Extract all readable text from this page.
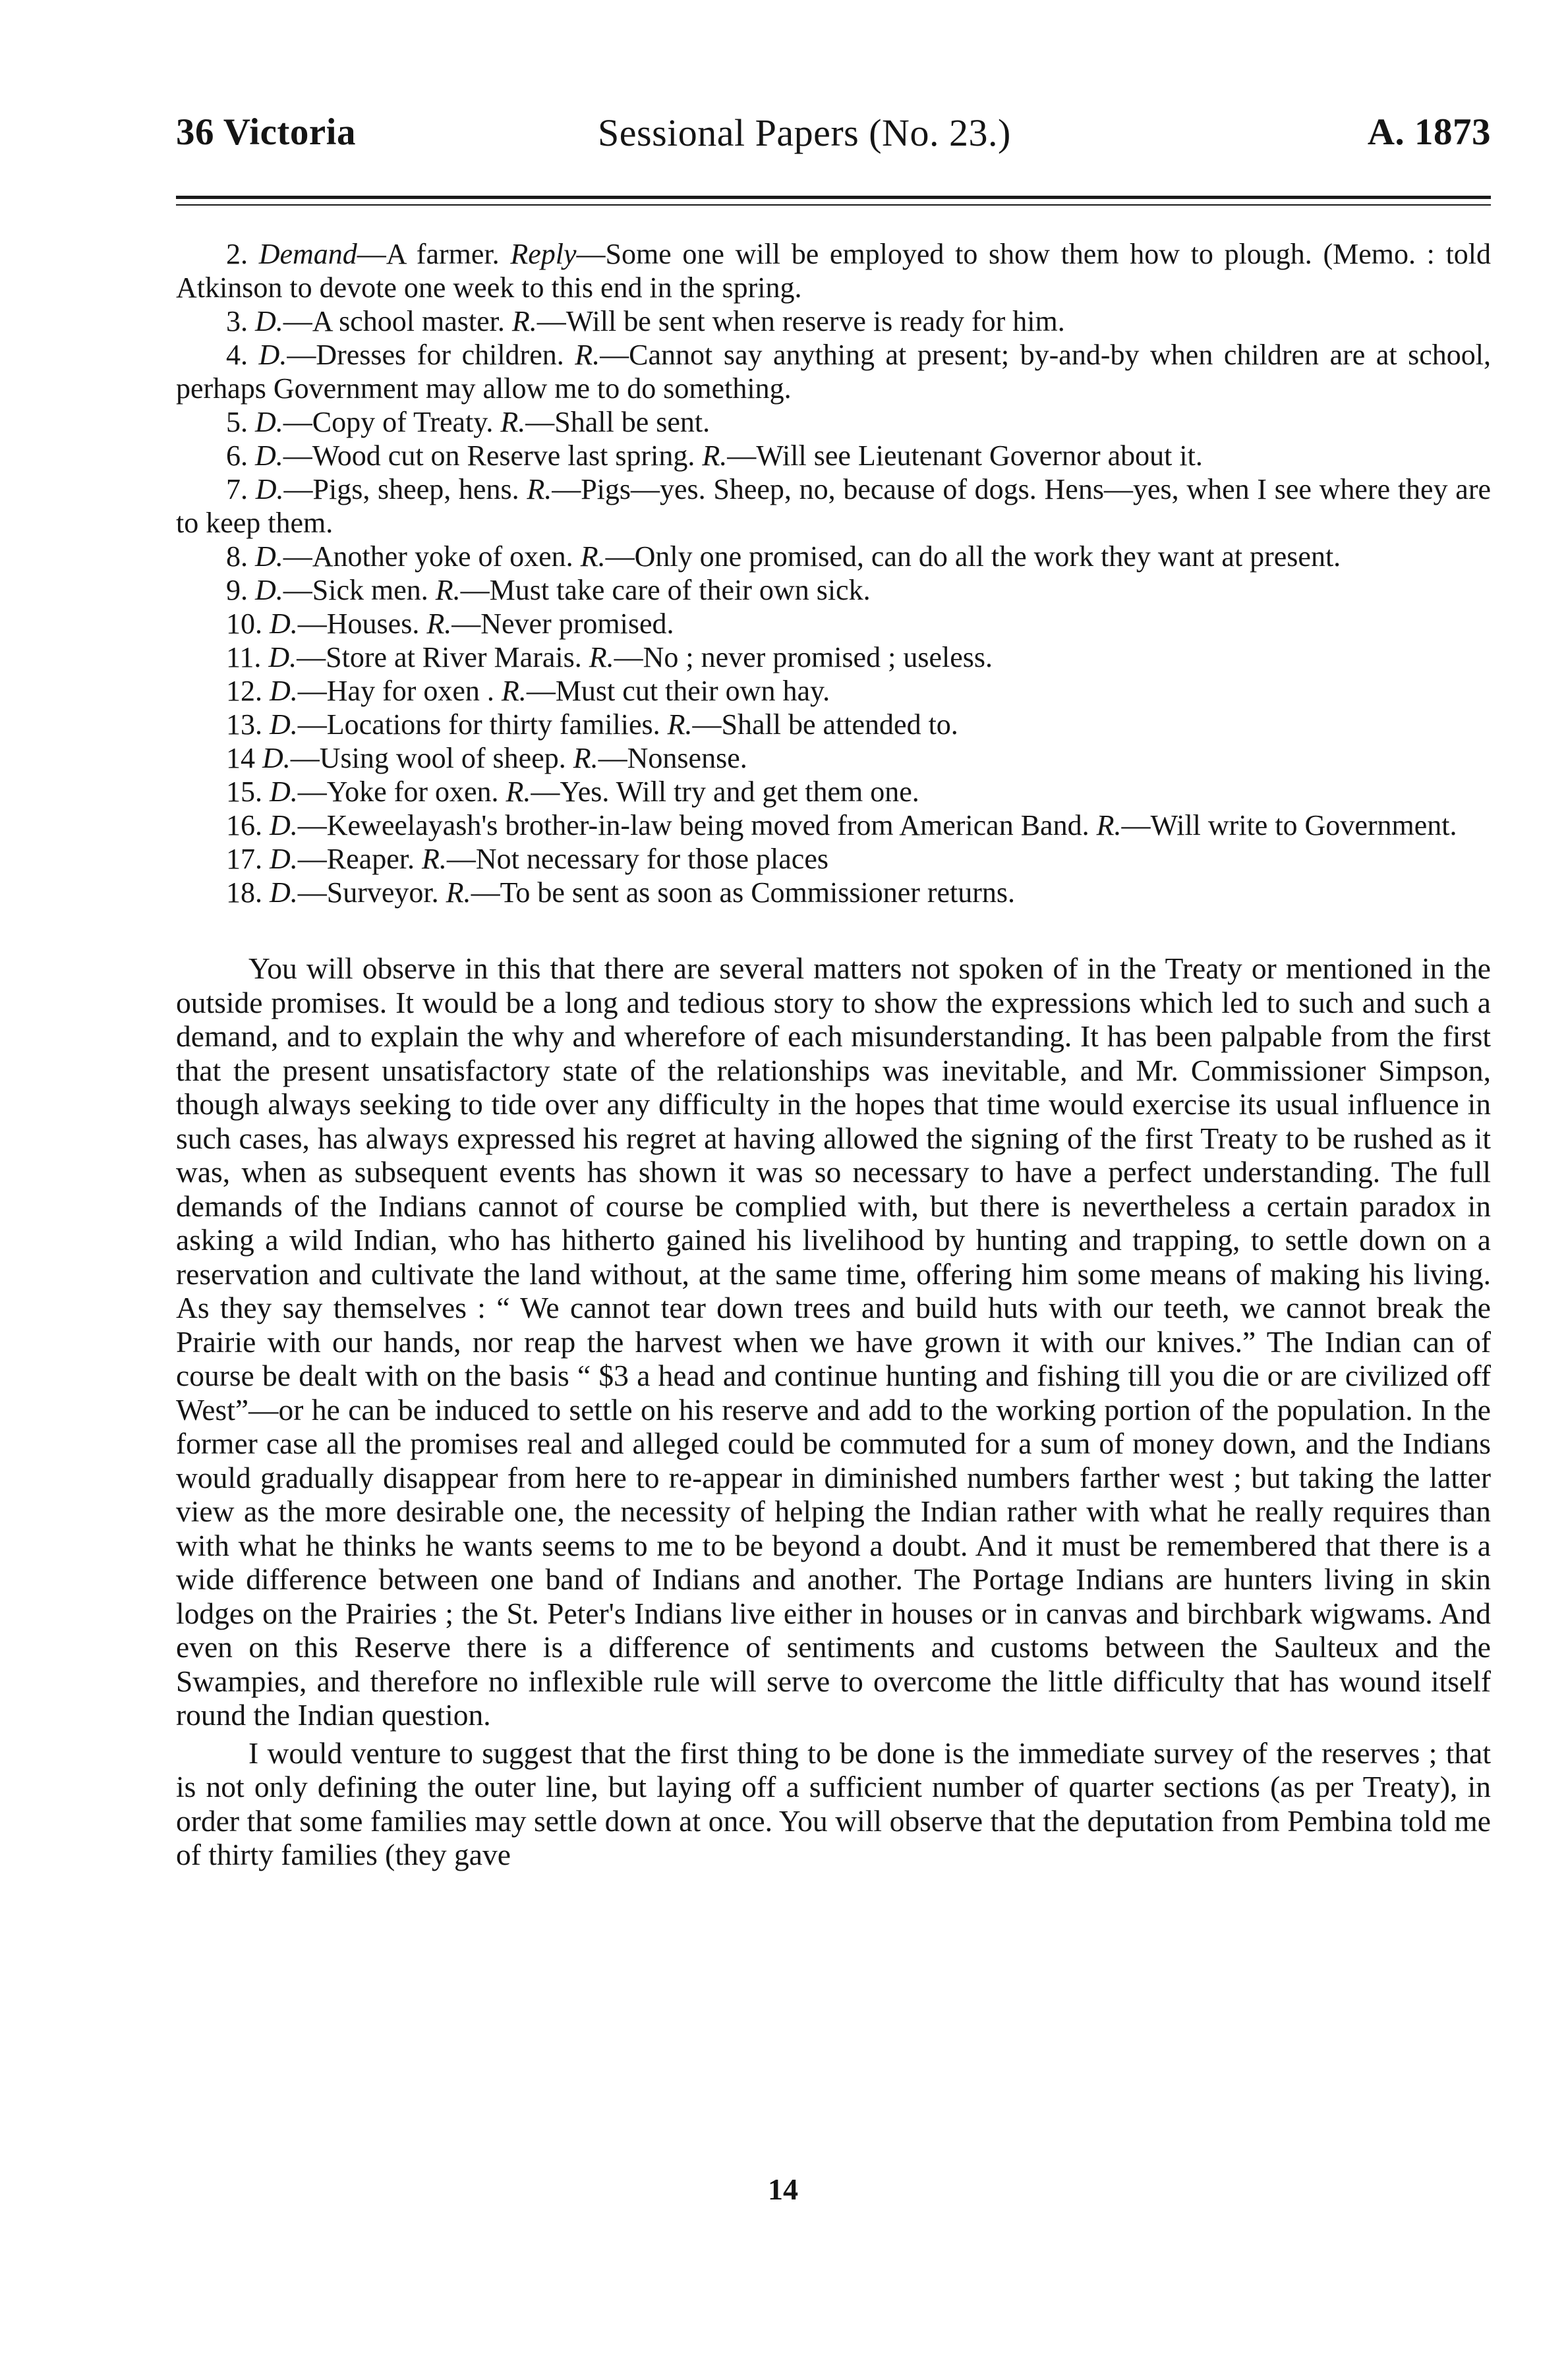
36 Victoria	Sessional Papers (No. 23.)	A. 1873

2. Demand—A farmer. Reply—Some one will be employed to show them how to plough. (Memo. : told Atkinson to devote one week to this end in the spring.

3. D.—A school master. R.—Will be sent when reserve is ready for him.

4. D.—Dresses for children. R.—Cannot say anything at present; by-and-by when children are at school, perhaps Government may allow me to do something.

5. D.—Copy of Treaty. R.—Shall be sent.

6. D.—Wood cut on Reserve last spring. R.—Will see Lieutenant Governor about it.

7. D.—Pigs, sheep, hens. R.—Pigs—yes. Sheep, no, because of dogs. Hens—yes, when I see where they are to keep them.

8. D.—Another yoke of oxen. R.—Only one promised, can do all the work they want at present.

9. D.—Sick men. R.—Must take care of their own sick.

10. D.—Houses. R.—Never promised.

11. D.—Store at River Marais. R.—No ; never promised ; useless.

12. D.—Hay for oxen . R.—Must cut their own hay.

13. D.—Locations for thirty families. R.—Shall be attended to.

14 D.—Using wool of sheep. R.—Nonsense.

15. D.—Yoke for oxen. R.—Yes. Will try and get them one.

16. D.—Keweelayash's brother-in-law being moved from American Band. R.—Will write to Government.

17. D.—Reaper. R.—Not necessary for those places

18. D.—Surveyor. R.—To be sent as soon as Commissioner returns.

You will observe in this that there are several matters not spoken of in the Treaty or mentioned in the outside promises. It would be a long and tedious story to show the expressions which led to such and such a demand, and to explain the why and wherefore of each misunderstanding. It has been palpable from the first that the present unsatisfactory state of the relationships was inevitable, and Mr. Commissioner Simpson, though always seeking to tide over any difficulty in the hopes that time would exercise its usual influence in such cases, has always expressed his regret at having allowed the signing of the first Treaty to be rushed as it was, when as subsequent events has shown it was so necessary to have a perfect understanding. The full demands of the Indians cannot of course be complied with, but there is nevertheless a certain paradox in asking a wild Indian, who has hitherto gained his livelihood by hunting and trapping, to settle down on a reservation and cultivate the land without, at the same time, offering him some means of making his living. As they say themselves : “ We cannot tear down trees and build huts with our teeth, we cannot break the Prairie with our hands, nor reap the harvest when we have grown it with our knives.” The Indian can of course be dealt with on the basis “ $3 a head and continue hunting and fishing till you die or are civilized off West”—or he can be induced to settle on his reserve and add to the working portion of the population. In the former case all the promises real and alleged could be commuted for a sum of money down, and the Indians would gradually disappear from here to re-appear in diminished numbers farther west ; but taking the latter view as the more desirable one, the necessity of helping the Indian rather with what he really requires than with what he thinks he wants seems to me to be beyond a doubt. And it must be remembered that there is a wide difference between one band of Indians and another. The Portage Indians are hunters living in skin lodges on the Prairies ; the St. Peter's Indians live either in houses or in canvas and birchbark wigwams. And even on this Reserve there is a difference of sentiments and customs between the Saulteux and the Swampies, and therefore no inflexible rule will serve to overcome the little difficulty that has wound itself round the Indian question.

I would venture to suggest that the first thing to be done is the immediate survey of the reserves ; that is not only defining the outer line, but laying off a sufficient number of quarter sections (as per Treaty), in order that some families may settle down at once. You will observe that the deputation from Pembina told me of thirty families (they gave

14
